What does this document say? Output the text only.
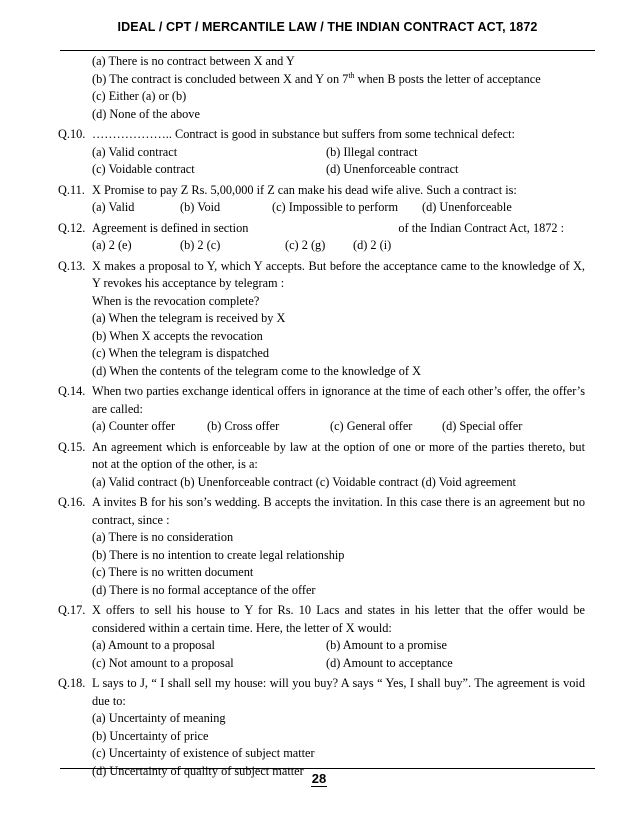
IDEAL / CPT / MERCANTILE LAW / THE INDIAN CONTRACT ACT, 1872
(a) There is no contract between X and Y
(b) The contract is concluded between X and Y on 7th when B posts the letter of acceptance
(c) Either (a) or (b)
(d) None of the above
Q.10. ……………….. Contract is good in substance but suffers from some technical defect:
(a) Valid contract	(b) Illegal contract
(c) Voidable contract	(d) Unenforceable contract
Q.11. X Promise to pay Z Rs. 5,00,000 if Z can make his dead wife alive. Such a contract is:
(a) Valid	(b) Void	(c) Impossible to perform	(d) Unenforceable
Q.12. Agreement is defined in section	of the Indian Contract Act, 1872 :
(a) 2 (e)	(b) 2 (c)	(c) 2 (g)	(d) 2 (i)
Q.13. X makes a proposal to Y, which Y accepts. But before the acceptance came to the knowledge of X, Y revokes his acceptance by telegram :
When is the revocation complete?
(a) When the telegram is received by X
(b) When X accepts the revocation
(c) When the telegram is dispatched
(d) When the contents of the telegram come to the knowledge of X
Q.14. When two parties exchange identical offers in ignorance at the time of each other’s offer, the offer’s are called:
(a) Counter offer	(b) Cross offer	(c) General offer	(d) Special offer
Q.15. An agreement which is enforceable by law at the option of one or more of the parties thereto, but not at the option of the other, is a:
(a) Valid contract (b) Unenforceable contract (c) Voidable contract (d) Void agreement
Q.16. A invites B for his son’s wedding. B accepts the invitation. In this case there is an agreement but no contract, since :
(a) There is no consideration
(b) There is no intention to create legal relationship
(c) There is no written document
(d) There is no formal acceptance of the offer
Q.17. X offers to sell his house to Y for Rs. 10 Lacs and states in his letter that the offer would be considered within a certain time. Here, the letter of X would:
(a) Amount to a proposal	(b) Amount to a promise
(c) Not amount to a proposal	(d) Amount to acceptance
Q.18. L says to J, “ I shall sell my house: will you buy? A says “ Yes, I shall buy”. The agreement is void due to:
(a) Uncertainty of meaning
(b) Uncertainty of price
(c) Uncertainty of existence of subject matter
(d) Uncertainty of quality of subject matter
28
